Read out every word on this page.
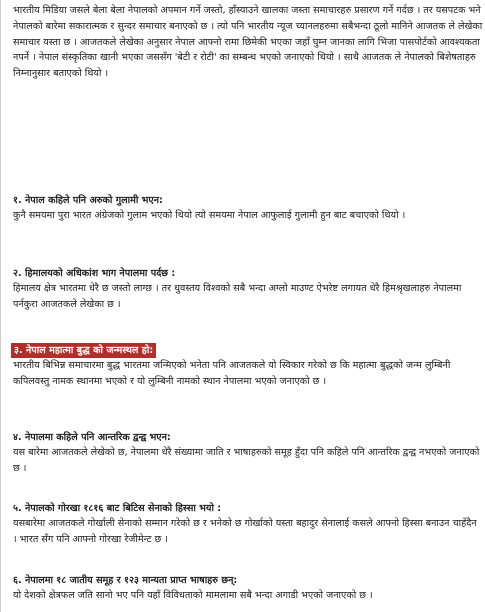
भारतीय मिडिया जसले बेला बेला नेपालको अपमान गर्ने जस्तो, हाँस्याउने खालका जस्ता समाचारहरु प्रसारण गर्ने गर्दछ । तर यसपटक भने नेपालको बारेमा सकारात्मक र सुन्दर समाचार बनाएको छ । त्यो पनि भारतीय न्यूज च्यानलहरुमा सबैभन्दा ठूलो मानिने आजतक ले लेखेका समाचार यस्ता छ । आजतकले लेखेका अनुसार नेपाल आफ्नो रामा छिमेकी भएका जहाँ घुम्न जानका लागि भिजा पासपोर्टको आवश्यकता नपर्ने । नेपाल संस्कृतिका खानी भएका जससँग 'बेटी र रोटी' का सम्बन्ध भएको जनाएको थियो । साथै आजतक ले नेपालको बिशेषताहरु निम्नानुसार बताएको थियो ।

१. नेपाल कहिले पनि अरुको गुलामी भएन:

कुनै समयमा पुरा भारत अंग्रेजको गुलाम भएको थियो त्यो समयमा नेपाल आफुलाई गुलामी हुन बाट बचाएको थियो ।

२. हिमालयको अधिकांश भाग नेपालमा पर्दछ :

हिमालय क्षेत्र भारतमा धेरै छ जस्तो लाग्छ । तर धुवस्तय विश्वको सबै भन्दा अग्लो माउण्ट ऐभरेष्ट लगायत धेरै हिमश्रृखलाहरु नेपालमा पर्नकुरा आजतकले लेखेका छ ।

३. नेपाल महात्मा बुद्ध को जन्मस्थल हो:

भारतीय बिभिन्न समाचारमा बुद्ध भारतमा जन्मिएको भनेता पनि आजतकले यो स्विकार गरेको छ कि महात्मा बुद्धको जन्म लुम्बिनी कपिलवस्तु नामक स्थानमा भएको र यो लुम्बिनी नामको स्थान नेपालमा भएको जनाएको छ ।

४. नेपालमा कहिले पनि आन्तरिक द्वन्द्व भएन:

यस बारेमा आजतकले लेखेको छ, नेपालमा धेरै संख्यामा जाति र भाषाहरुको समूह हुँदा पनि कहिले पनि आन्तरिक द्वन्द्व नभएको जनाएको छ ।

५. नेपालको गोरखा १८१६ बाट बिटिस सेनाको हिस्सा भयो :

यसबारेमा आजतकले गोर्खाली सेनाको सम्मान गरेको छ र भनेको छ गोर्खाको यस्ता बहादुर सेनालाई कसले आफ्नो हिस्सा बनाउन चाहँदैन । भारत सँग पनि आफ्नो गोरखा रेजीमेन्ट छ ।

६. नेपालमा १८ जातीय समूह र १२३ मान्यता प्राप्त भाषाहरु छन्:

यो देशको क्षेत्रफल जति सानो भए पनि यहाँ विविधताको मामलामा सबै भन्दा अगाडी भएको जनाएको छ ।
